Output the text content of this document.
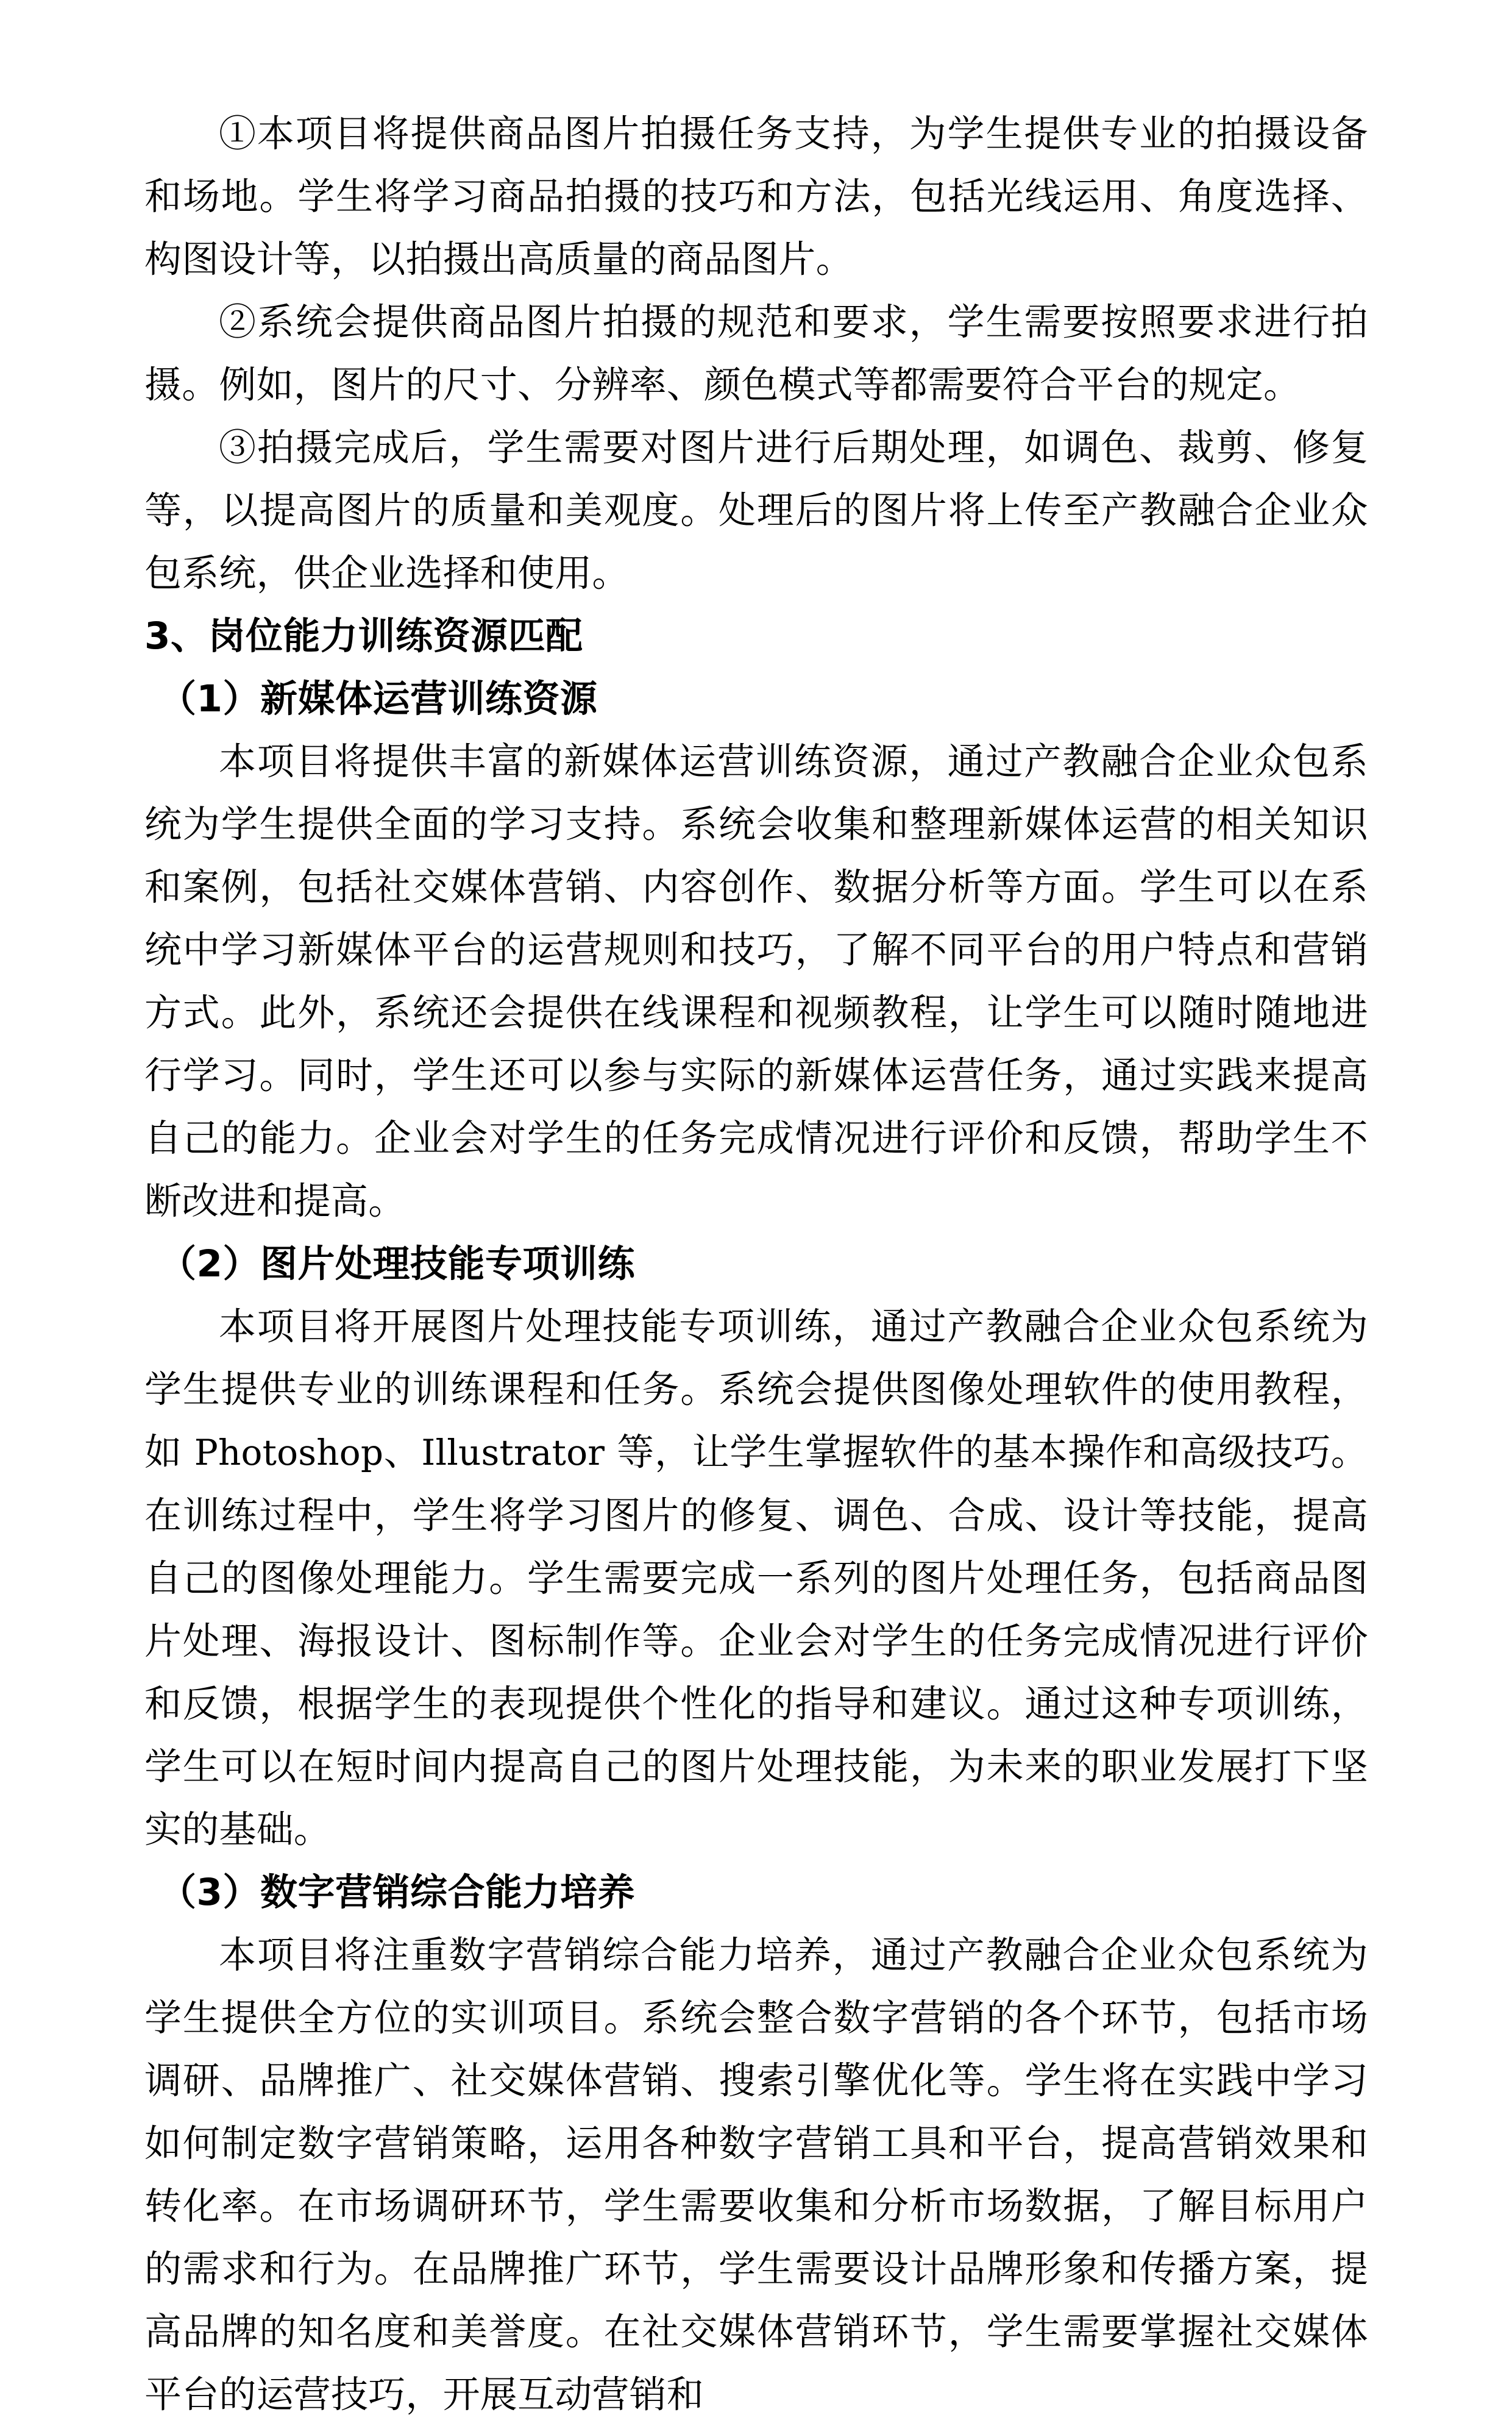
①本项目将提供商品图片拍摄任务支持，为学生提供专业的拍摄设备和场地。学生将学习商品拍摄的技巧和方法，包括光线运用、角度选择、构图设计等，以拍摄出高质量的商品图片。

②系统会提供商品图片拍摄的规范和要求，学生需要按照要求进行拍摄。例如，图片的尺寸、分辨率、颜色模式等都需要符合平台的规定。

③拍摄完成后，学生需要对图片进行后期处理，如调色、裁剪、修复等，以提高图片的质量和美观度。处理后的图片将上传至产教融合企业众包系统，供企业选择和使用。

3、岗位能力训练资源匹配
（1）新媒体运营训练资源

本项目将提供丰富的新媒体运营训练资源，通过产教融合企业众包系统为学生提供全面的学习支持。系统会收集和整理新媒体运营的相关知识和案例，包括社交媒体营销、内容创作、数据分析等方面。学生可以在系统中学习新媒体平台的运营规则和技巧，了解不同平台的用户特点和营销方式。此外，系统还会提供在线课程和视频教程，让学生可以随时随地进行学习。同时，学生还可以参与实际的新媒体运营任务，通过实践来提高自己的能力。企业会对学生的任务完成情况进行评价和反馈，帮助学生不断改进和提高。

（2）图片处理技能专项训练

本项目将开展图片处理技能专项训练，通过产教融合企业众包系统为学生提供专业的训练课程和任务。系统会提供图像处理软件的使用教程，如 Photoshop、Illustrator 等，让学生掌握软件的基本操作和高级技巧。在训练过程中，学生将学习图片的修复、调色、合成、设计等技能，提高自己的图像处理能力。学生需要完成一系列的图片处理任务，包括商品图片处理、海报设计、图标制作等。企业会对学生的任务完成情况进行评价和反馈，根据学生的表现提供个性化的指导和建议。通过这种专项训练，学生可以在短时间内提高自己的图片处理技能，为未来的职业发展打下坚实的基础。

（3）数字营销综合能力培养

本项目将注重数字营销综合能力培养，通过产教融合企业众包系统为学生提供全方位的实训项目。系统会整合数字营销的各个环节，包括市场调研、品牌推广、社交媒体营销、搜索引擎优化等。学生将在实践中学习如何制定数字营销策略，运用各种数字营销工具和平台，提高营销效果和转化率。在市场调研环节，学生需要收集和分析市场数据，了解目标用户的需求和行为。在品牌推广环节，学生需要设计品牌形象和传播方案，提高品牌的知名度和美誉度。在社交媒体营销环节，学生需要掌握社交媒体平台的运营技巧，开展互动营销和
